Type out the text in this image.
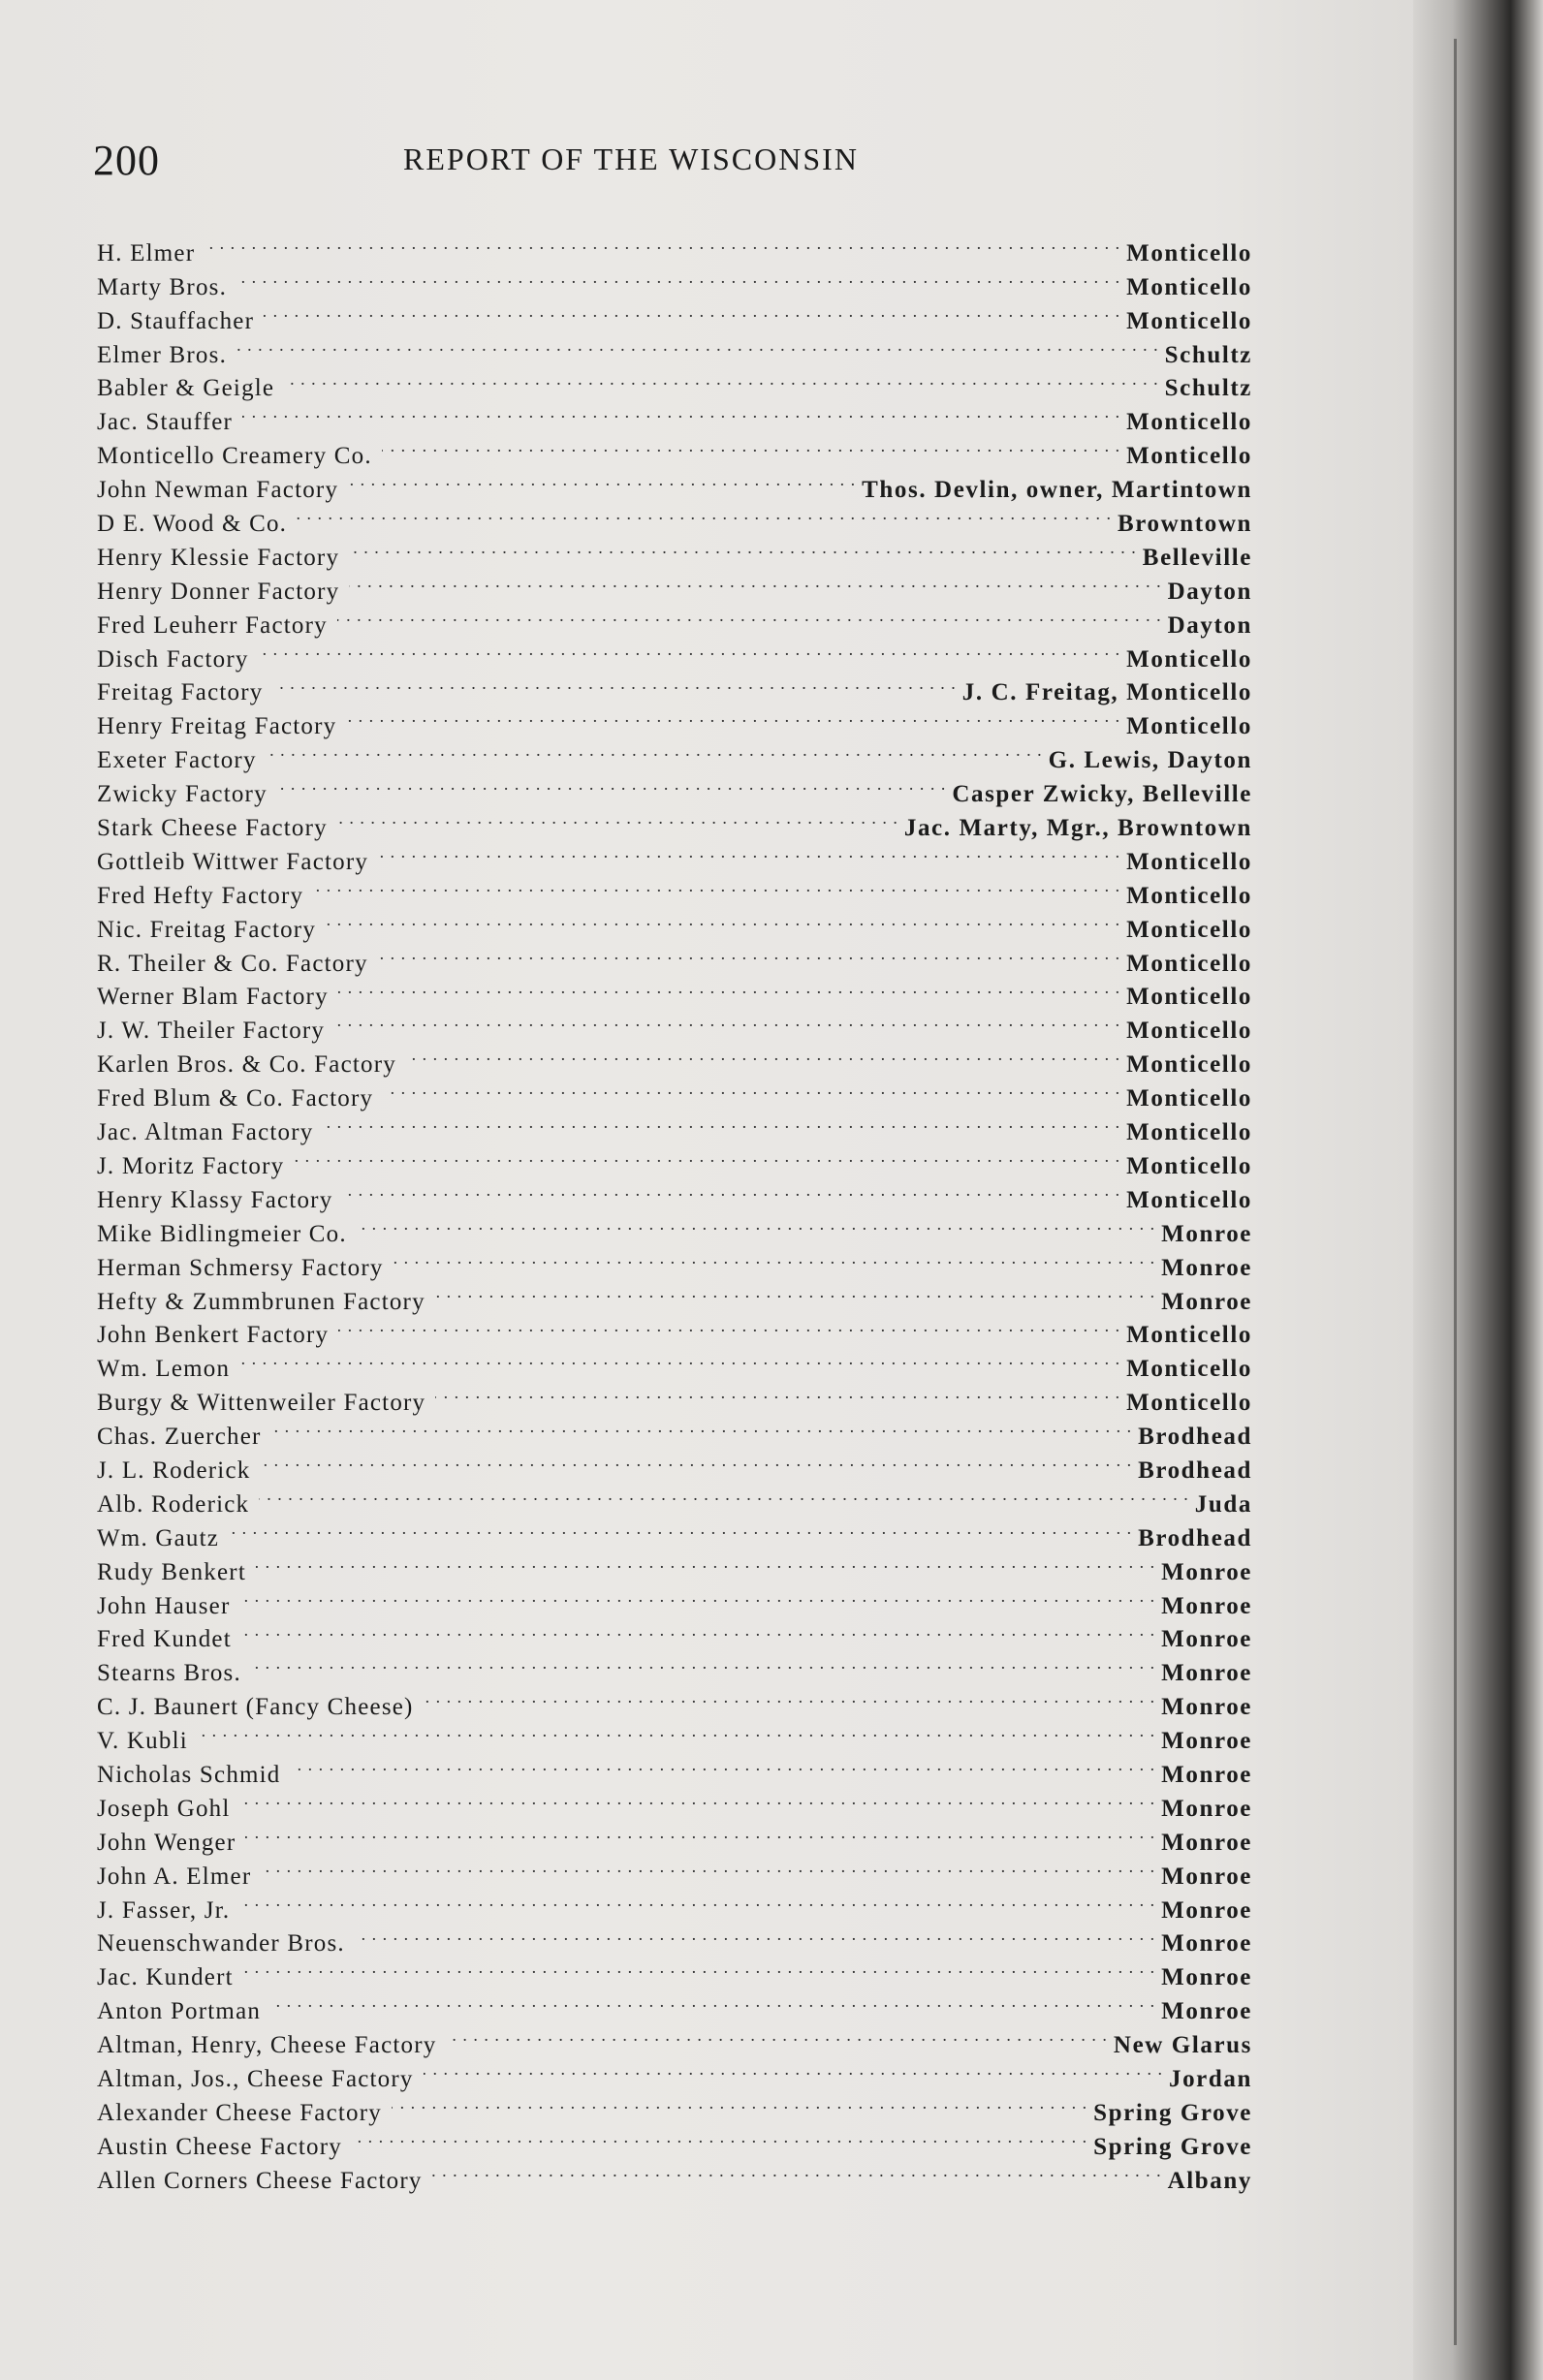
200	REPORT OF THE WISCONSIN
H. Elmer . . .	Monticello
Marty Bros. . . .	Monticello
D. Stauffacher . . .	Monticello
Elmer Bros. . . .	Schultz
Babler & Geigle . . .	Schultz
Jac. Stauffer . . .	Monticello
Monticello Creamery Co. . . .	Monticello
John Newman Factory . . .	Thos. Devlin, owner, Martintown
D E. Wood & Co. . . .	Browntown
Henry Klessie Factory . . .	Belleville
Henry Donner Factory . . .	Dayton
Fred Leuherr Factory . . .	Dayton
Disch Factory . . .	Monticello
Freitag Factory . . .	J. C. Freitag, Monticello
Henry Freitag Factory . . .	Monticello
Exeter Factory . . .	G. Lewis, Dayton
Zwicky Factory . . .	Casper Zwicky, Belleville
Stark Cheese Factory . . .	Jac. Marty, Mgr., Browntown
Gottleib Wittwer Factory . . .	Monticello
Fred Hefty Factory . . .	Monticello
Nic. Freitag Factory . . .	Monticello
R. Theiler & Co. Factory . . .	Monticello
Werner Blam Factory . . .	Monticello
J. W. Theiler Factory . . .	Monticello
Karlen Bros. & Co. Factory . . .	Monticello
Fred Blum & Co. Factory . . .	Monticello
Jac. Altman Factory . . .	Monticello
J. Moritz Factory . . .	Monticello
Henry Klassy Factory . . .	Monticello
Mike Bidlingmeier Co. . . .	Monroe
Herman Schmersy Factory . . .	Monroe
Hefty & Zummbrunen Factory . . .	Monroe
John Benkert Factory . . .	Monticello
Wm. Lemon . . .	Monticello
Burgy & Wittenweiler Factory . . .	Monticello
Chas. Zuercher . . .	Brodhead
J. L. Roderick . . .	Brodhead
Alb. Roderick . . .	Juda
Wm. Gautz . . .	Brodhead
Rudy Benkert . . .	Monroe
John Hauser . . .	Monroe
Fred Kundet . . .	Monroe
Stearns Bros. . . .	Monroe
C. J. Baunert (Fancy Cheese) . . .	Monroe
V. Kubli . . .	Monroe
Nicholas Schmid . . .	Monroe
Joseph Gohl . . .	Monroe
John Wenger . . .	Monroe
John A. Elmer . . .	Monroe
J. Fasser, Jr. . . .	Monroe
Neuenschwander Bros. . . .	Monroe
Jac. Kundert . . .	Monroe
Anton Portman . . .	Monroe
Altman, Henry, Cheese Factory . . .	New Glarus
Altman, Jos., Cheese Factory . . .	Jordan
Alexander Cheese Factory . . .	Spring Grove
Austin Cheese Factory . . .	Spring Grove
Allen Corners Cheese Factory . . .	Albany
